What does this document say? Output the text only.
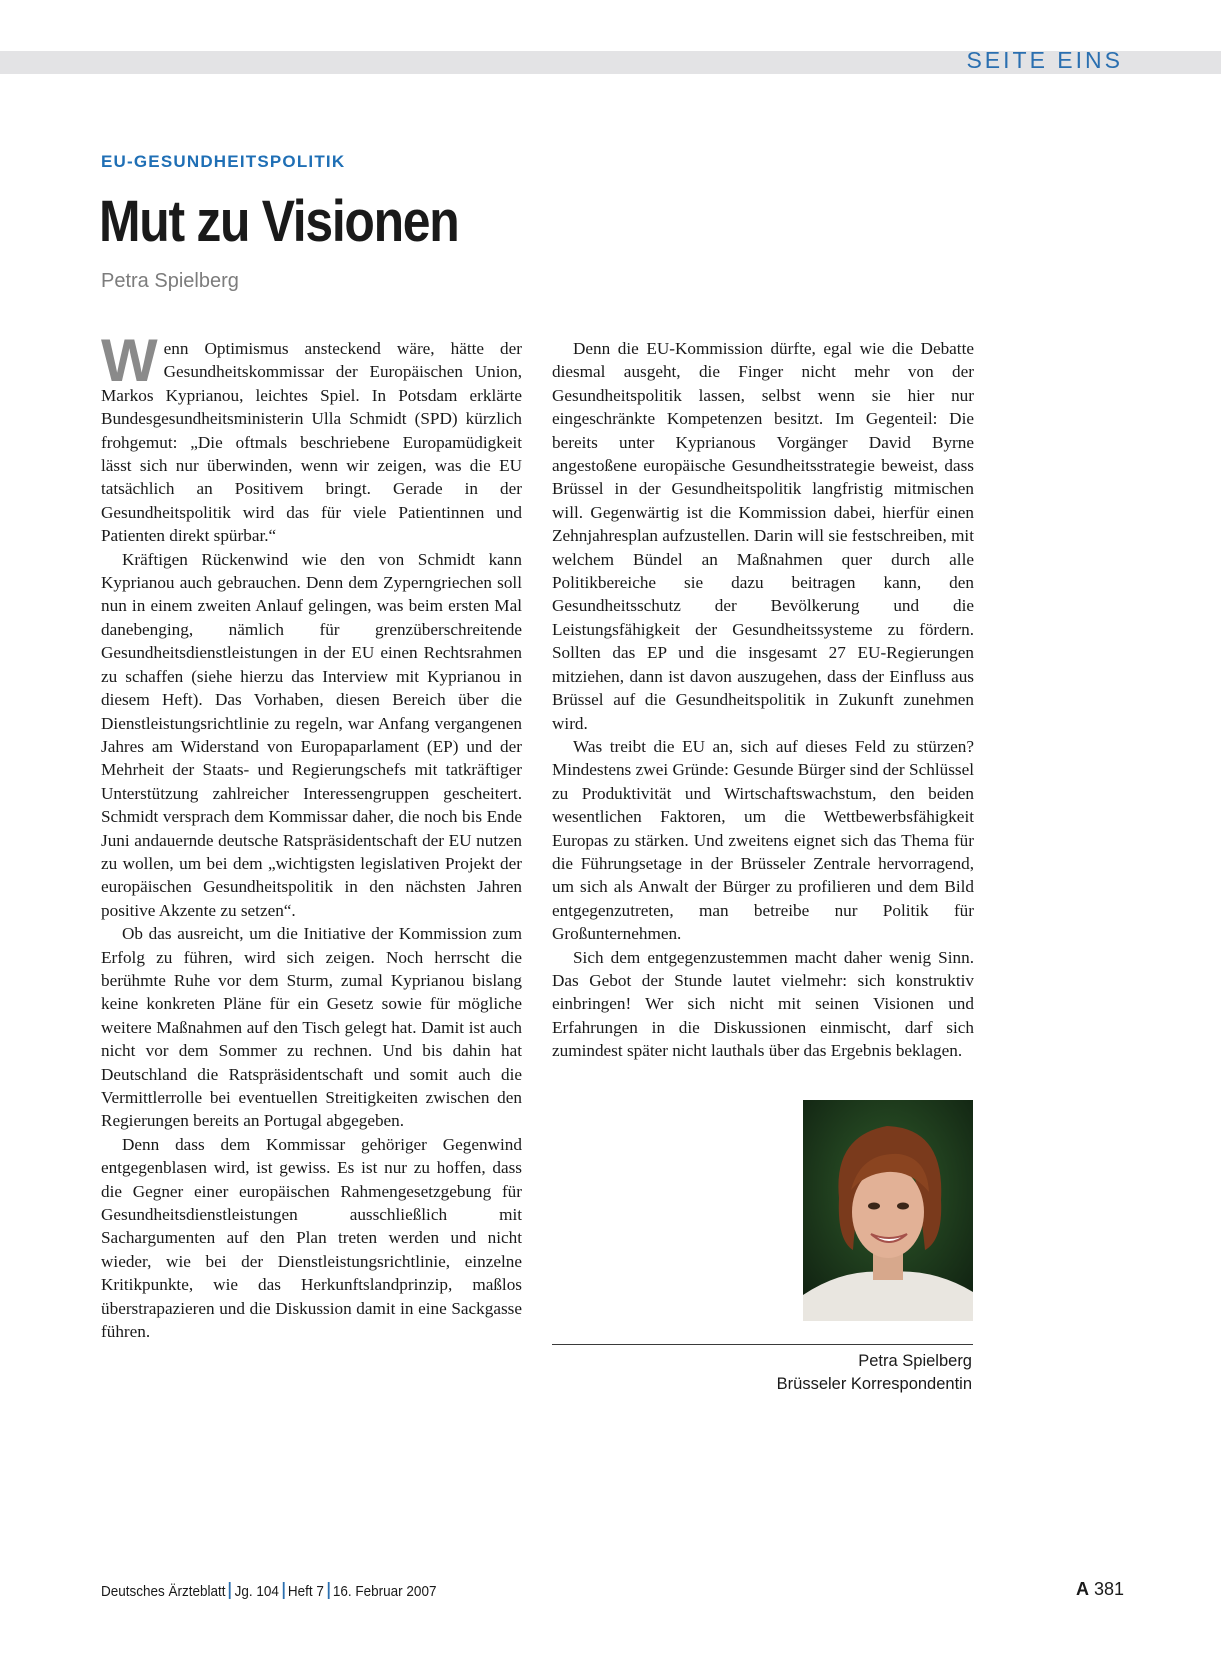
SEITE EINS
EU-GESUNDHEITSPOLITIK
Mut zu Visionen
Petra Spielberg

Wenn Optimismus ansteckend wäre, hätte der Gesundheitskommissar der Europäischen Union, Markos Kyprianou, leichtes Spiel. In Potsdam erklärte Bundesgesundheitsministerin Ulla Schmidt (SPD) kürzlich frohgemut: „Die oftmals beschriebene Europamüdigkeit lässt sich nur überwinden, wenn wir zeigen, was die EU tatsächlich an Positivem bringt. Gerade in der Gesundheitspolitik wird das für viele Patientinnen und Patienten direkt spürbar.“

Kräftigen Rückenwind wie den von Schmidt kann Kyprianou auch gebrauchen. Denn dem Zyperngriechen soll nun in einem zweiten Anlauf gelingen, was beim ersten Mal danebenging, nämlich für grenzüberschreitende Gesundheitsdienstleistungen in der EU einen Rechtsrahmen zu schaffen (siehe hierzu das Interview mit Kyprianou in diesem Heft). Das Vorhaben, diesen Bereich über die Dienstleistungsrichtlinie zu regeln, war Anfang vergangenen Jahres am Widerstand von Europaparlament (EP) und der Mehrheit der Staats- und Regierungschefs mit tatkräftiger Unterstützung zahlreicher Interessengruppen gescheitert. Schmidt versprach dem Kommissar daher, die noch bis Ende Juni andauernde deutsche Ratspräsidentschaft der EU nutzen zu wollen, um bei dem „wichtigsten legislativen Projekt der europäischen Gesundheitspolitik in den nächsten Jahren positive Akzente zu setzen“.

Ob das ausreicht, um die Initiative der Kommission zum Erfolg zu führen, wird sich zeigen. Noch herrscht die berühmte Ruhe vor dem Sturm, zumal Kyprianou bislang keine konkreten Pläne für ein Gesetz sowie für mögliche weitere Maßnahmen auf den Tisch gelegt hat. Damit ist auch nicht vor dem Sommer zu rechnen. Und bis dahin hat Deutschland die Ratspräsidentschaft und somit auch die Vermittlerrolle bei eventuellen Streitigkeiten zwischen den Regierungen bereits an Portugal abgegeben.

Denn dass dem Kommissar gehöriger Gegenwind entgegenblasen wird, ist gewiss. Es ist nur zu hoffen, dass die Gegner einer europäischen Rahmengesetzgebung für Gesundheitsdienstleistungen ausschließlich mit Sachargumenten auf den Plan treten werden und nicht wieder, wie bei der Dienstleistungsrichtlinie, einzelne Kritikpunkte, wie das Herkunftslandprinzip, maßlos überstrapazieren und die Diskussion damit in eine Sackgasse führen.

Denn die EU-Kommission dürfte, egal wie die Debatte diesmal ausgeht, die Finger nicht mehr von der Gesundheitspolitik lassen, selbst wenn sie hier nur eingeschränkte Kompetenzen besitzt. Im Gegenteil: Die bereits unter Kyprianous Vorgänger David Byrne angestoßene europäische Gesundheitsstrategie beweist, dass Brüssel in der Gesundheitspolitik langfristig mitmischen will. Gegenwärtig ist die Kommission dabei, hierfür einen Zehnjahresplan aufzustellen. Darin will sie festschreiben, mit welchem Bündel an Maßnahmen quer durch alle Politikbereiche sie dazu beitragen kann, den Gesundheitsschutz der Bevölkerung und die Leistungsfähigkeit der Gesundheitssysteme zu fördern. Sollten das EP und die insgesamt 27 EU-Regierungen mitziehen, dann ist davon auszugehen, dass der Einfluss aus Brüssel auf die Gesundheitspolitik in Zukunft zunehmen wird.

Was treibt die EU an, sich auf dieses Feld zu stürzen? Mindestens zwei Gründe: Gesunde Bürger sind der Schlüssel zu Produktivität und Wirtschaftswachstum, den beiden wesentlichen Faktoren, um die Wettbewerbsfähigkeit Europas zu stärken. Und zweitens eignet sich das Thema für die Führungsetage in der Brüsseler Zentrale hervorragend, um sich als Anwalt der Bürger zu profilieren und dem Bild entgegenzutreten, man betreibe nur Politik für Großunternehmen.

Sich dem entgegenzustemmen macht daher wenig Sinn. Das Gebot der Stunde lautet vielmehr: sich konstruktiv einbringen! Wer sich nicht mit seinen Visionen und Erfahrungen in die Diskussionen einmischt, darf sich zumindest später nicht lauthals über das Ergebnis beklagen.

Petra Spielberg
Brüsseler Korrespondentin
Deutsches Ärzteblatt Jg. 104 Heft 7 16. Februar 2007	A 381
